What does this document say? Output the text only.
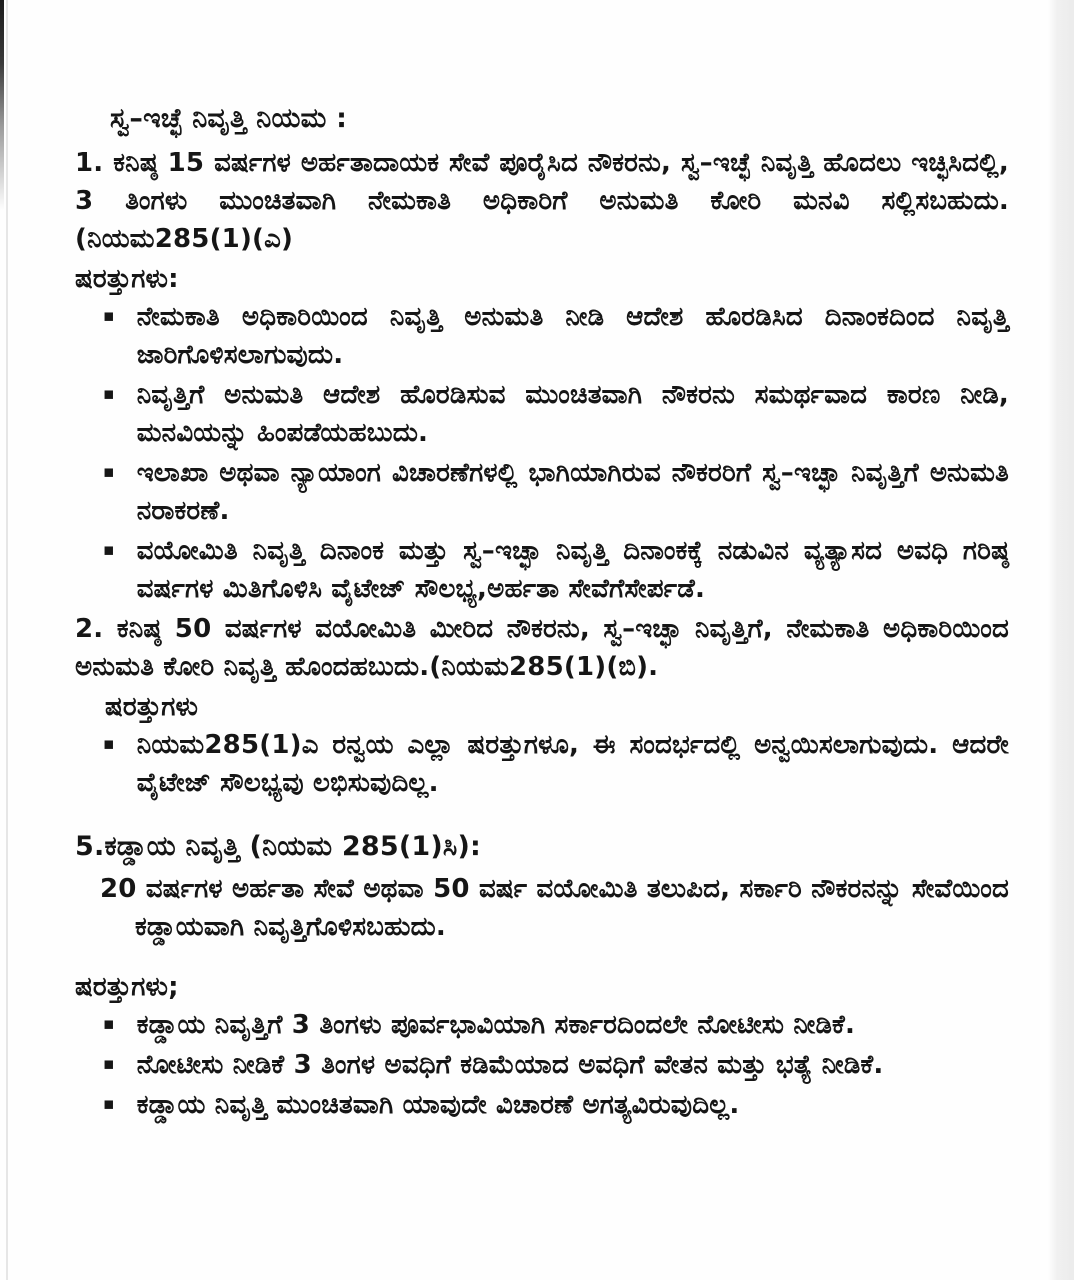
ಸ್ವ–ಇಚ್ಛೆ ನಿವೃತ್ತಿ ನಿಯಮ :

1. ಕನಿಷ್ಠ 15 ವರ್ಷಗಳ ಅರ್ಹತಾದಾಯಕ ಸೇವೆ ಪೂರೈಸಿದ ನೌಕರನು, ಸ್ವ–ಇಚ್ಛೆ ನಿವೃತ್ತಿ ಹೊದಲು ಇಚ್ಛಿಸಿದಲ್ಲಿ, 3 ತಿಂಗಳು ಮುಂಚಿತವಾಗಿ ನೇಮಕಾತಿ ಅಧಿಕಾರಿಗೆ ಅನುಮತಿ ಕೋರಿ ಮನವಿ ಸಲ್ಲಿಸಬಹುದು. (ನಿಯಮ285(1)(ಎ)

ಷರತ್ತುಗಳು:

▪ ನೇಮಕಾತಿ ಅಧಿಕಾರಿಯಿಂದ ನಿವೃತ್ತಿ ಅನುಮತಿ ನೀಡಿ ಆದೇಶ ಹೊರಡಿಸಿದ ದಿನಾಂಕದಿಂದ ನಿವೃತ್ತಿ ಜಾರಿಗೊಳಿಸಲಾಗುವುದು.
▪ ನಿವೃತ್ತಿಗೆ ಅನುಮತಿ ಆದೇಶ ಹೊರಡಿಸುವ ಮುಂಚಿತವಾಗಿ ನೌಕರನು ಸಮರ್ಥವಾದ ಕಾರಣ ನೀಡಿ, ಮನವಿಯನ್ನು ಹಿಂಪಡೆಯಹಬುದು.
▪ ಇಲಾಖಾ ಅಥವಾ ನ್ಯಾಯಾಂಗ ವಿಚಾರಣೆಗಳಲ್ಲಿ ಭಾಗಿಯಾಗಿರುವ ನೌಕರರಿಗೆ ಸ್ವ–ಇಚ್ಛಾ ನಿವೃತ್ತಿಗೆ ಅನುಮತಿ ನರಾಕರಣೆ.
▪ ವಯೋಮಿತಿ ನಿವೃತ್ತಿ ದಿನಾಂಕ ಮತ್ತು ಸ್ವ–ಇಚ್ಛಾ ನಿವೃತ್ತಿ ದಿನಾಂಕಕ್ಕೆ ನಡುವಿನ ವ್ಯತ್ಯಾಸದ ಅವಧಿ ಗರಿಷ್ಠ ವರ್ಷಗಳ ಮಿತಿಗೊಳಿಸಿ ವೈಟೇಜ್ ಸೌಲಭ್ಯ,ಅರ್ಹತಾ ಸೇವೆಗೆಸೇರ್ಪಡೆ.

2. ಕನಿಷ್ಠ 50 ವರ್ಷಗಳ ವಯೋಮಿತಿ ಮೀರಿದ ನೌಕರನು, ಸ್ವ–ಇಚ್ಛಾ ನಿವೃತ್ತಿಗೆ, ನೇಮಕಾತಿ ಅಧಿಕಾರಿಯಿಂದ ಅನುಮತಿ ಕೋರಿ ನಿವೃತ್ತಿ ಹೊಂದಹಬುದು.(ನಿಯಮ285(1)(ಬಿ).

ಷರತ್ತುಗಳು

▪ ನಿಯಮ285(1)ಎ ರನ್ವಯ ಎಲ್ಲಾ ಷರತ್ತುಗಳೂ, ಈ ಸಂದರ್ಭದಲ್ಲಿ ಅನ್ವಯಿಸಲಾಗುವುದು. ಆದರೇ ವೈಟೇಜ್ ಸೌಲಭ್ಯವು ಲಭಿಸುವುದಿಲ್ಲ.

5.ಕಡ್ಡಾಯ ನಿವೃತ್ತಿ (ನಿಯಮ 285(1)ಸಿ):

20 ವರ್ಷಗಳ ಅರ್ಹತಾ ಸೇವೆ ಅಥವಾ 50 ವರ್ಷ ವಯೋಮಿತಿ ತಲುಪಿದ, ಸರ್ಕಾರಿ ನೌಕರನನ್ನು ಸೇವೆಯಿಂದ ಕಡ್ಡಾಯವಾಗಿ ನಿವೃತ್ತಿಗೊಳಿಸಬಹುದು.

ಷರತ್ತುಗಳು;

▪ ಕಡ್ಡಾಯ ನಿವೃತ್ತಿಗೆ 3 ತಿಂಗಳು ಪೂರ್ವಭಾವಿಯಾಗಿ ಸರ್ಕಾರದಿಂದಲೇ ನೋಟೀಸು ನೀಡಿಕೆ.
▪ ನೋಟೀಸು ನೀಡಿಕೆ 3 ತಿಂಗಳ ಅವಧಿಗೆ ಕಡಿಮೆಯಾದ ಅವಧಿಗೆ ವೇತನ ಮತ್ತು ಭತ್ಯೆ ನೀಡಿಕೆ.
▪ ಕಡ್ಡಾಯ ನಿವೃತ್ತಿ ಮುಂಚಿತವಾಗಿ ಯಾವುದೇ ವಿಚಾರಣೆ ಅಗತ್ಯವಿರುವುದಿಲ್ಲ.
